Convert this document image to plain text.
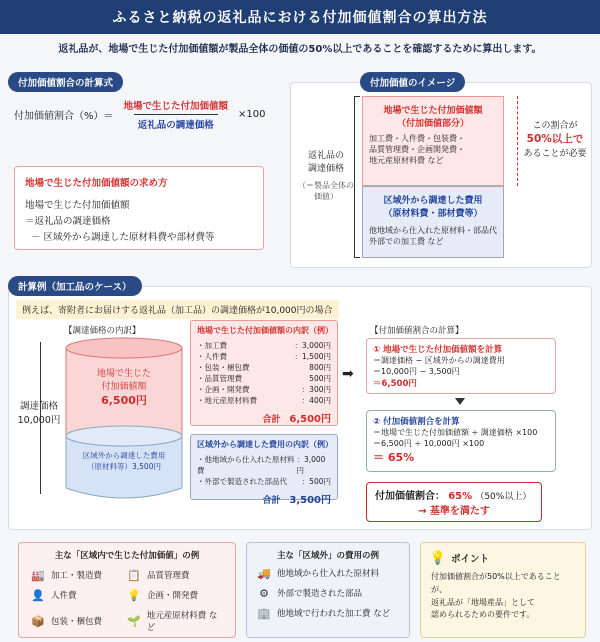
ふるさと納税の返礼品における付加価値割合の算出方法
返礼品が、地場で生じた付加価値額が製品全体の価値の50%以上であることを確認するために算出します。
付加価値割合の計算式
付加価値割合（%）＝ $\frac{\text{地場で生じた付加価値額}}{\text{返礼品の調達価格}} \times 100$
地場で生じた付加価値額の求め方
地場で生じた付加価値額
＝返礼品の調達価格
－ 区域外から調達した原材料費や部材費等
付加価値のイメージ
返礼品の
調達価格
（＝製品全体の価値）
地場で生じた付加価値額
（付加価値部分）
加工費・人件費・包装費・
品質管理費・企画開発費・
地元産原材料費 など
区域外から調達した費用
（原材料費・部材費等）
他地域から仕入れた原材料・部品代
外部での加工費 など
この割合が
50%以上で
あることが必要
計算例（加工品のケース）
例えば、寄附者にお届けする返礼品（加工品）の調達価格が10,000円の場合
【調達価格の内訳】
調達価格
10,000円
地場で生じた
付加価値額
6,500円
区域外から調達した費用
（原材料等）3,500円
地場で生じた付加価値額の内訳（例）
・加工費	：3,000円
・人件費	：1,500円
・包装・梱包費	800円
・品質管理費	500円
・企画・開発費	：300円
・地元産原材料費	：400円
合計 6,500円
区域外から調達した費用の内訳（例）
・他地域から仕入れた原材料費
：3,000円
・外部で製造された部品代 ：500円
合計 3,500円
➡
【付加価値割合の計算】
① 地場で生じた付加価値額を計算
＝調達価格 − 区域外からの調達費用
＝10,000円 − 3,500円
＝6,500円
② 付加価値割合を計算
＝地場で生じた付加価値額 ÷ 調達価格 ×100
＝6,500円 ÷ 10,000円 ×100
＝ 65%
付加価値割合： 65% （50%以上）
→ 基準を満たす
主な「区域内で生じた付加価値」の例
🏭 加工・製造費 📋 品質管理費
👤 人件費	💡 企画・開発費
📦 包装・梱包費 🌱 地元産原材料費 など
主な「区域外」の費用の例
🚚 他地域から仕入れた原材料
⚙ 外部で製造された部品
🏢 他地域で行われた加工費 など
💡 ポイント
付加価値割合が50%以上であることが、
返礼品が「地場産品」として
認められるための要件です。
